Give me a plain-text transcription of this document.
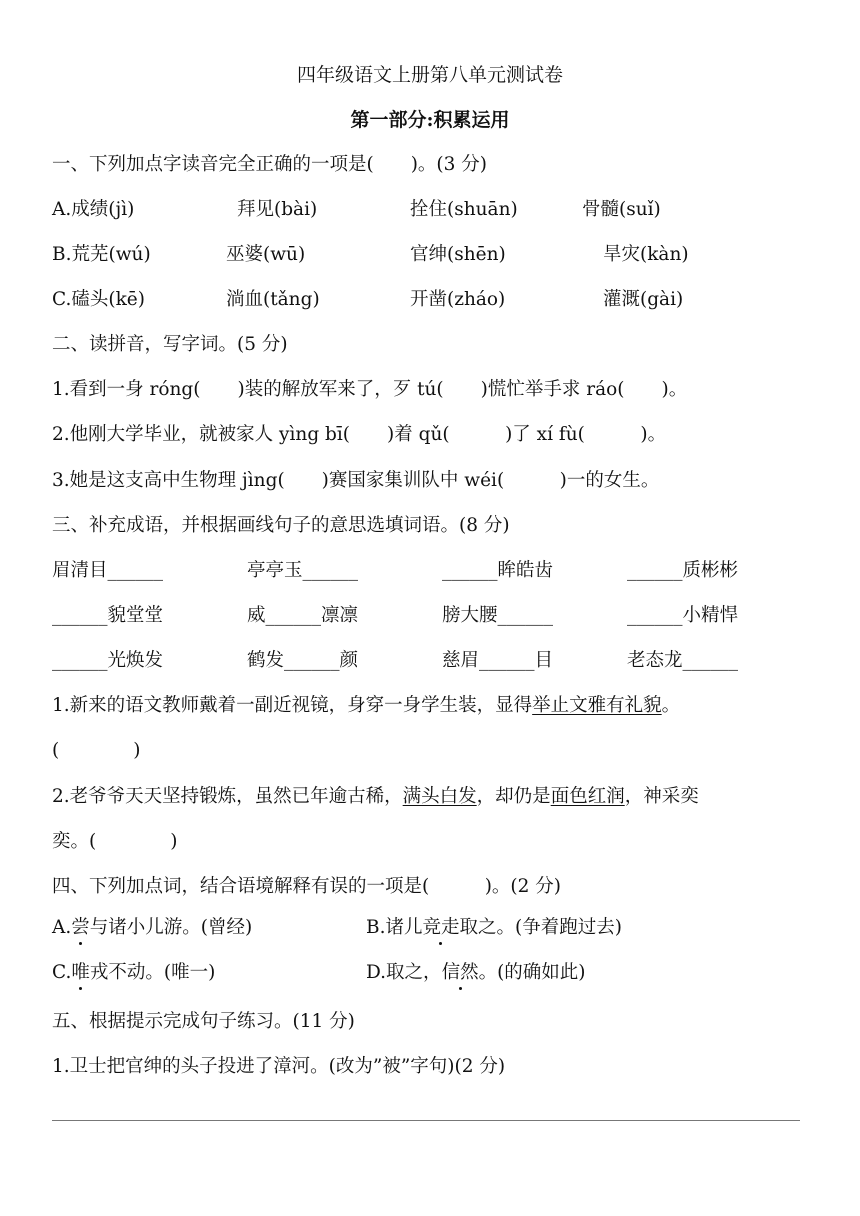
四年级语文上册第八单元测试卷
第一部分:积累运用
一、下列加点字读音完全正确的一项是(　　)。(3 分)
A.成绩(jì)	拜见(bài)	拴住(shuān)	骨髓(suǐ)
B.荒芜(wú)	巫婆(wū)	官绅(shēn)	旱灾(kàn)
C.磕头(kē)	淌血(tǎng)	开凿(zháo)	灌溉(gài)
二、读拼音，写字词。(5 分)
1.看到一身 róng(　　)装的解放军来了，歹 tú(　　)慌忙举手求 ráo(　　)。
2.他刚大学毕业，就被家人 yìng bī(　　)着 qǔ(　　　)了 xí fù(　　　)。
3.她是这支高中生物理 jìng(　　)赛国家集训队中 wéi(　　　)一的女生。
三、补充成语，并根据画线句子的意思选填词语。(8 分)
眉清目______	亭亭玉______	______眸皓齿	______质彬彬
______貌堂堂	威______凛凛	膀大腰______	______小精悍
______光焕发	鹤发______颜	慈眉______目	老态龙______
1.新来的语文教师戴着一副近视镜，身穿一身学生装，显得举止文雅有礼貌。
(　　　　)
2.老爷爷天天坚持锻炼，虽然已年逾古稀，满头白发，却仍是面色红润，神采奕
奕。(　　　　)
四、下列加点词，结合语境解释有误的一项是(　　　)。(2 分)
A.尝与诸小儿游。(曾经)	B.诸儿竞走取之。(争着跑过去)
C.唯戎不动。(唯一)	D.取之，信然。(的确如此)
五、根据提示完成句子练习。(11 分)
1.卫士把官绅的头子投进了漳河。(改为”被”字句)(2 分)
